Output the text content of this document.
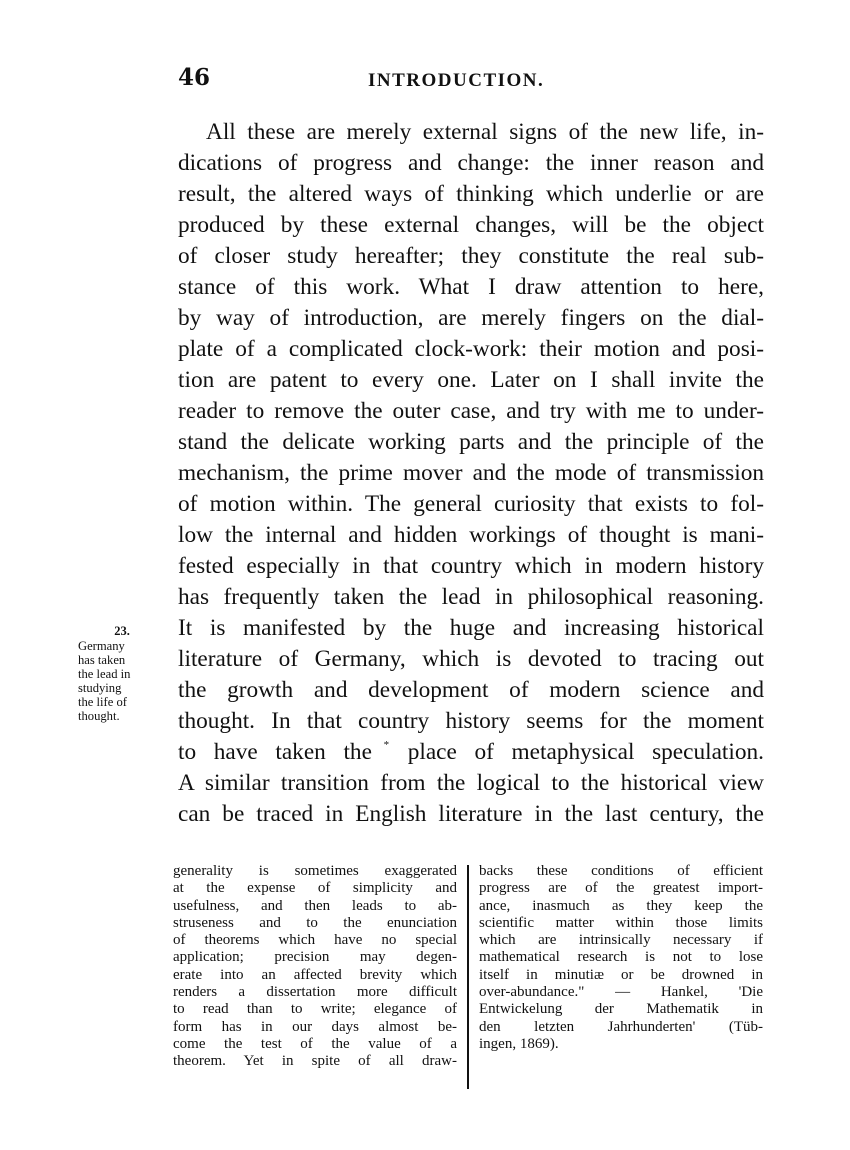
46	INTRODUCTION.
All these are merely external signs of the new life, in-
dications of progress and change: the inner reason and
result, the altered ways of thinking which underlie or are
produced by these external changes, will be the object
of closer study hereafter; they constitute the real sub-
stance of this work. What I draw attention to here,
by way of introduction, are merely fingers on the dial-
plate of a complicated clock-work: their motion and posi-
tion are patent to every one. Later on I shall invite the
reader to remove the outer case, and try with me to under-
stand the delicate working parts and the principle of the
mechanism, the prime mover and the mode of transmission
of motion within. The general curiosity that exists to fol-
low the internal and hidden workings of thought is mani-
fested especially in that country which in modern history
has frequently taken the lead in philosophical reasoning.
It is manifested by the huge and increasing historical
literature of Germany, which is devoted to tracing out
the growth and development of modern science and
thought. In that country history seems for the moment
to have taken the * place of metaphysical speculation.
A similar transition from the logical to the historical view
can be traced in English literature in the last century, the
23.
Germany
has taken
the lead in
studying
the life of
thought.
generality is sometimes exaggerated
at the expense of simplicity and
usefulness, and then leads to ab-
struseness and to the enunciation
of theorems which have no special
application; precision may degen-
erate into an affected brevity which
renders a dissertation more difficult
to read than to write; elegance of
form has in our days almost be-
come the test of the value of a
theorem. Yet in spite of all draw-
backs these conditions of efficient
progress are of the greatest import-
ance, inasmuch as they keep the
scientific matter within those limits
which are intrinsically necessary if
mathematical research is not to lose
itself in minutiæ or be drowned in
over-abundance." — Hankel, 'Die
Entwickelung der Mathematik in
den letzten Jahrhunderten' (Tüb-
ingen, 1869).
